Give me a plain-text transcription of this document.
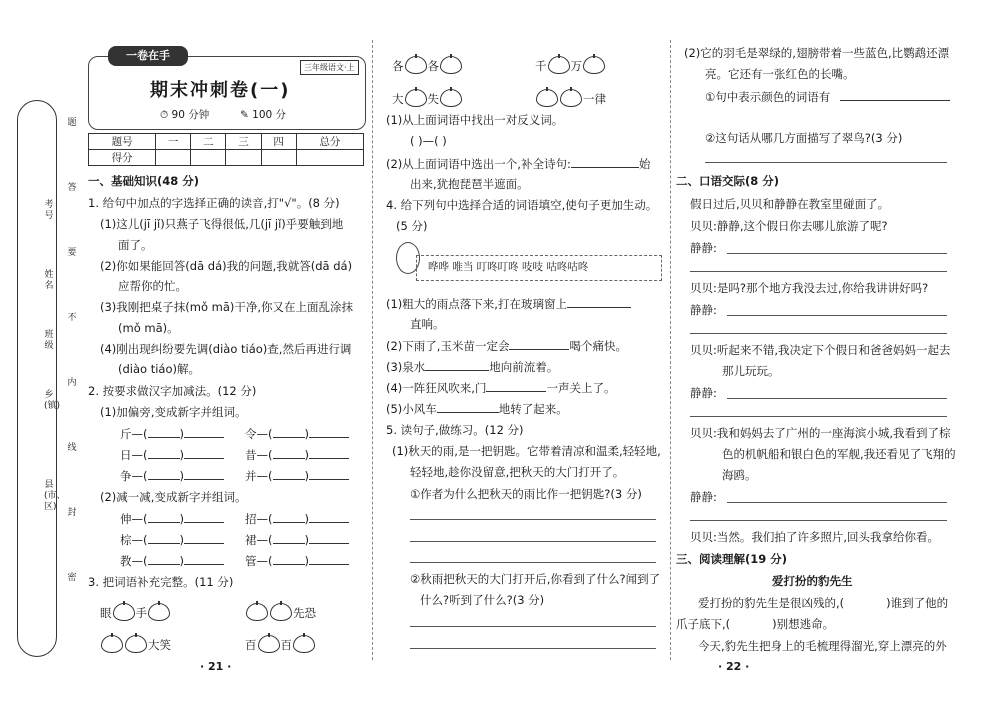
题
答
要
不
内
线
封
密
考号
姓名
班级
乡(镇)
县(市、区)
一卷在手
三年级语文·上
期末冲刺卷(一)
⏱ 90 分钟	✎ 100 分
题号	一	二	三	四	总分
得分					
一、基础知识(48 分)
1. 给句中加点的字选择正确的读音,打"√"。(8 分)
(1)这儿(jī jǐ)只燕子飞得很低,几(jī jǐ)乎要触到地
面了。
(2)你如果能回答(dā dá)我的问题,我就答(dā dá)
应帮你的忙。
(3)我刚把桌子抹(mǒ mā)干净,你又在上面乱涂抹
(mǒ mā)。
(4)刚出现纠纷要先调(diào tiáo)查,然后再进行调
(diào tiáo)解。
2. 按要求做汉字加减法。(12 分)
(1)加偏旁,变成新字并组词。
斤—(	)	令—(	)
日—(	)	昔—(	)
争—(	)	并—(	)
(2)减一减,变成新字并组词。
伸—(	)	招—(	)
棕—(	)	裙—(	)
教—(	)	管—(	)
3. 把词语补充完整。(11 分)
眼 手	先恐
大笑	百 百
· 21 ·
各 各	千 万
大 失	一律
(1)从上面词语中找出一对反义词。
( )—( )
(2)从上面词语中选出一个,补全诗句:	始
出来,犹抱琵琶半遮面。
4. 给下列句中选择合适的词语填空,使句子更加生动。
(5 分)
哗哗 唯当 叮咚叮咚 吱吱 咕咚咕咚
(1)粗大的雨点落下来,打在玻璃窗上
直响。
(2)下雨了,玉米苗一定会	喝个痛快。
(3)泉水	地向前流着。
(4)一阵狂风吹来,门	一声关上了。
(5)小风车	地转了起来。
5. 读句子,做练习。(12 分)
(1)秋天的雨,是一把钥匙。它带着清凉和温柔,轻轻地,
轻轻地,趁你没留意,把秋天的大门打开了。
①作者为什么把秋天的雨比作一把钥匙?(3 分)
②秋雨把秋天的大门打开后,你看到了什么?闻到了
什么?听到了什么?(3 分)
(2)它的羽毛是翠绿的,翅膀带着一些蓝色,比鹦鹉还漂
亮。它还有一张红色的长嘴。
①句中表示颜色的词语有
②这句话从哪几方面描写了翠鸟?(3 分)
二、口语交际(8 分)
假日过后,贝贝和静静在教室里碰面了。
贝贝:静静,这个假日你去哪儿旅游了呢?
静静:
贝贝:是吗?那个地方我没去过,你给我讲讲好吗?
静静:
贝贝:听起来不错,我决定下个假日和爸爸妈妈一起去
那儿玩玩。
静静:
贝贝:我和妈妈去了广州的一座海滨小城,我看到了棕
色的机帆船和银白色的军舰,我还看见了飞翔的
海鸥。
静静:
贝贝:当然。我们拍了许多照片,回头我拿给你看。
三、阅读理解(19 分)
爱打扮的豹先生
爱打扮的豹先生是很凶残的,(	)谁到了他的
爪子底下,(	)别想逃命。
今天,豹先生把身上的毛梳理得溜光,穿上漂亮的外
· 22 ·
